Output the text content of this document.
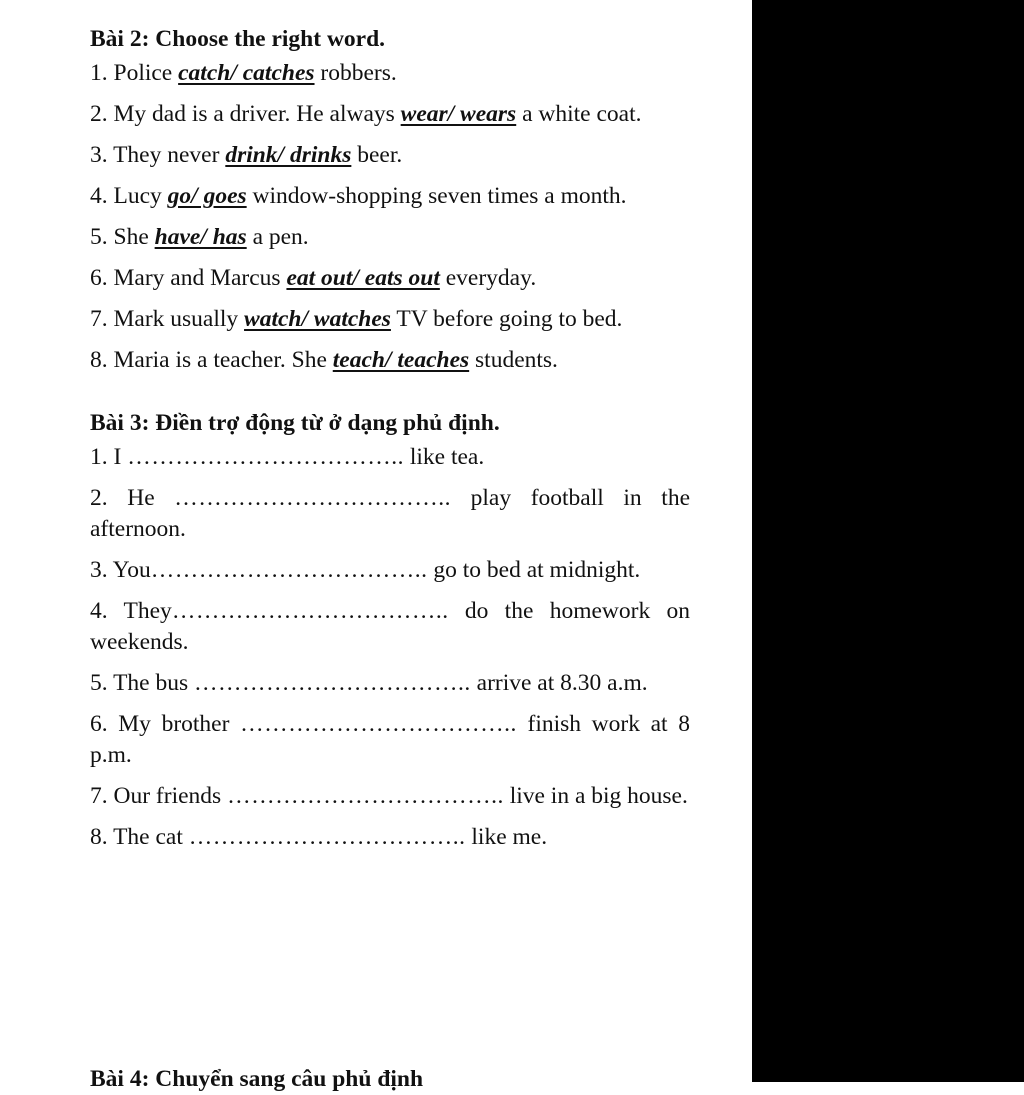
Bài 2: Choose the right word.
1. Police catch/ catches robbers.
2. My dad is a driver. He always wear/ wears a white coat.
3. They never drink/ drinks beer.
4. Lucy go/ goes window-shopping seven times a month.
5. She have/ has a pen.
6. Mary and Marcus eat out/ eats out everyday.
7. Mark usually watch/ watches TV before going to bed.
8. Maria is a teacher. She teach/ teaches students.
Bài 3: Điền trợ động từ ở dạng phủ định.
1. I …………………………….. like tea.
2. He …………………………….. play football in the afternoon.
3. You…………………………….. go to bed at midnight.
4. They…………………………….. do the homework on weekends.
5. The bus …………………………….. arrive at 8.30 a.m.
6. My brother …………………………….. finish work at 8 p.m.
7. Our friends …………………………….. live in a big house.
8. The cat …………………………….. like me.
Bài 4: Chuyển sang câu phủ định
